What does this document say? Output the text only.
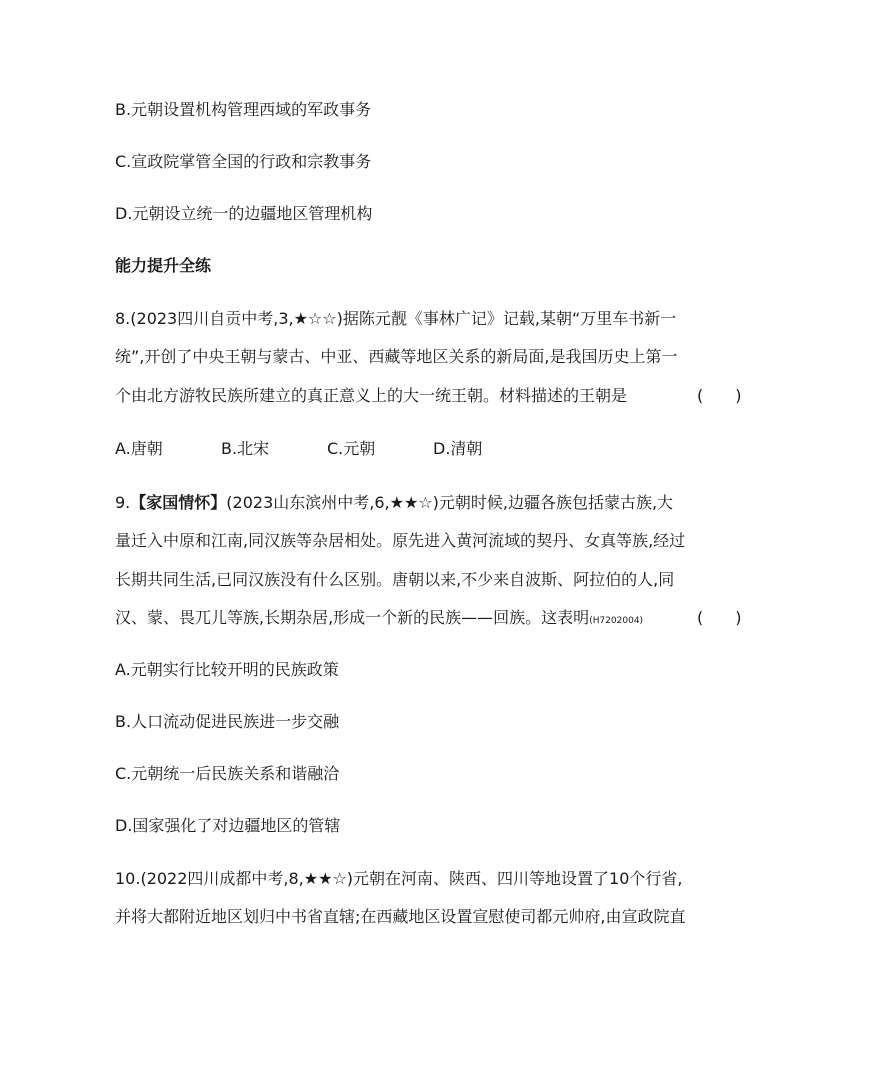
B.元朝设置机构管理西域的军政事务
C.宣政院掌管全国的行政和宗教事务
D.元朝设立统一的边疆地区管理机构
能力提升全练
8.(2023四川自贡中考,3,★☆☆)据陈元靓《事林广记》记载,某朝“万里车书新一
统”,开创了中央王朝与蒙古、中亚、西藏等地区关系的新局面,是我国历史上第一
个由北方游牧民族所建立的真正意义上的大一统王朝。材料描述的王朝是	(　　)
A.唐朝	B.北宋	C.元朝	D.清朝
9.【家国情怀】(2023山东滨州中考,6,★★☆)元朝时候,边疆各族包括蒙古族,大
量迁入中原和江南,同汉族等杂居相处。原先进入黄河流域的契丹、女真等族,经过
长期共同生活,已同汉族没有什么区别。唐朝以来,不少来自波斯、阿拉伯的人,同
汉、蒙、畏兀儿等族,长期杂居,形成一个新的民族——回族。这表明(H7202004)	(　　)
A.元朝实行比较开明的民族政策
B.人口流动促进民族进一步交融
C.元朝统一后民族关系和谐融洽
D.国家强化了对边疆地区的管辖
10.(2022四川成都中考,8,★★☆)元朝在河南、陕西、四川等地设置了10个行省,
并将大都附近地区划归中书省直辖;在西藏地区设置宣慰使司都元帅府,由宣政院直
